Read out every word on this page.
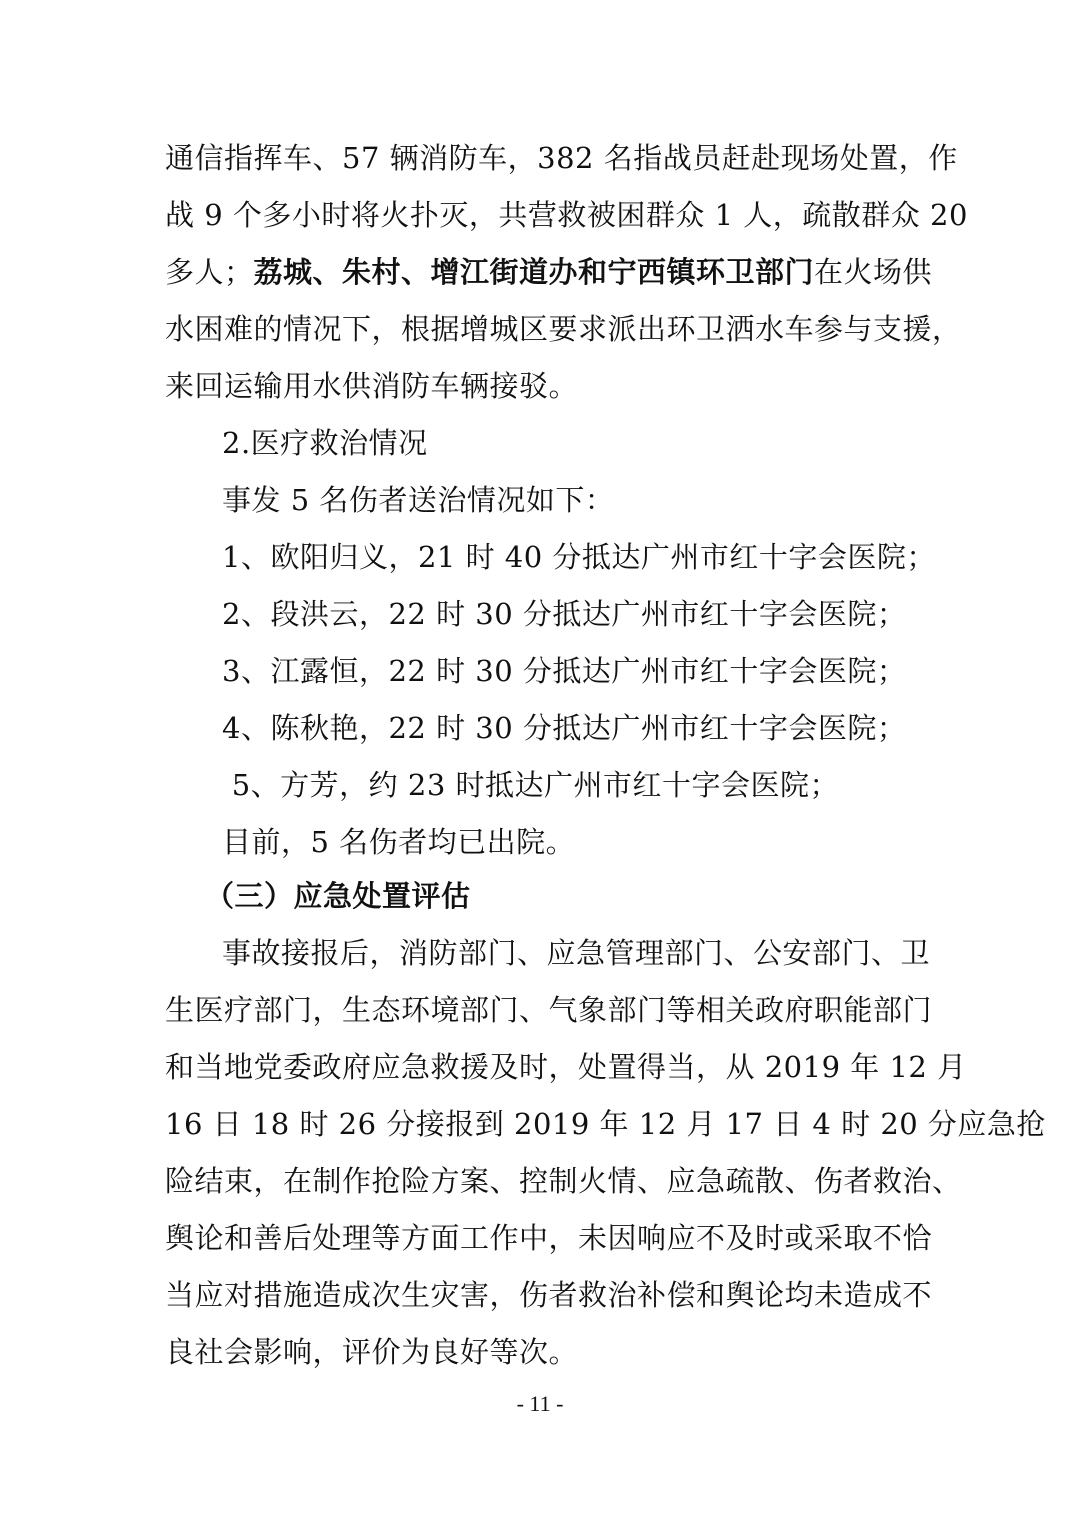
通信指挥车、57 辆消防车，382 名指战员赶赴现场处置，作
战 9 个多小时将火扑灭，共营救被困群众 1 人，疏散群众 20
多人；荔城、朱村、增江街道办和宁西镇环卫部门在火场供
水困难的情况下，根据增城区要求派出环卫洒水车参与支援，
来回运输用水供消防车辆接驳。
2.医疗救治情况
事发 5 名伤者送治情况如下：
1、欧阳归义，21 时 40 分抵达广州市红十字会医院；
2、段洪云，22 时 30 分抵达广州市红十字会医院；
3、江露恒，22 时 30 分抵达广州市红十字会医院；
4、陈秋艳，22 时 30 分抵达广州市红十字会医院；
5、方芳，约 23 时抵达广州市红十字会医院；
目前，5 名伤者均已出院。
（三）应急处置评估
事故接报后，消防部门、应急管理部门、公安部门、卫
生医疗部门，生态环境部门、气象部门等相关政府职能部门
和当地党委政府应急救援及时，处置得当，从 2019 年 12 月
16 日 18 时 26 分接报到 2019 年 12 月 17 日 4 时 20 分应急抢
险结束，在制作抢险方案、控制火情、应急疏散、伤者救治、
舆论和善后处理等方面工作中，未因响应不及时或采取不恰
当应对措施造成次生灾害，伤者救治补偿和舆论均未造成不
良社会影响，评价为良好等次。
- 11 -
